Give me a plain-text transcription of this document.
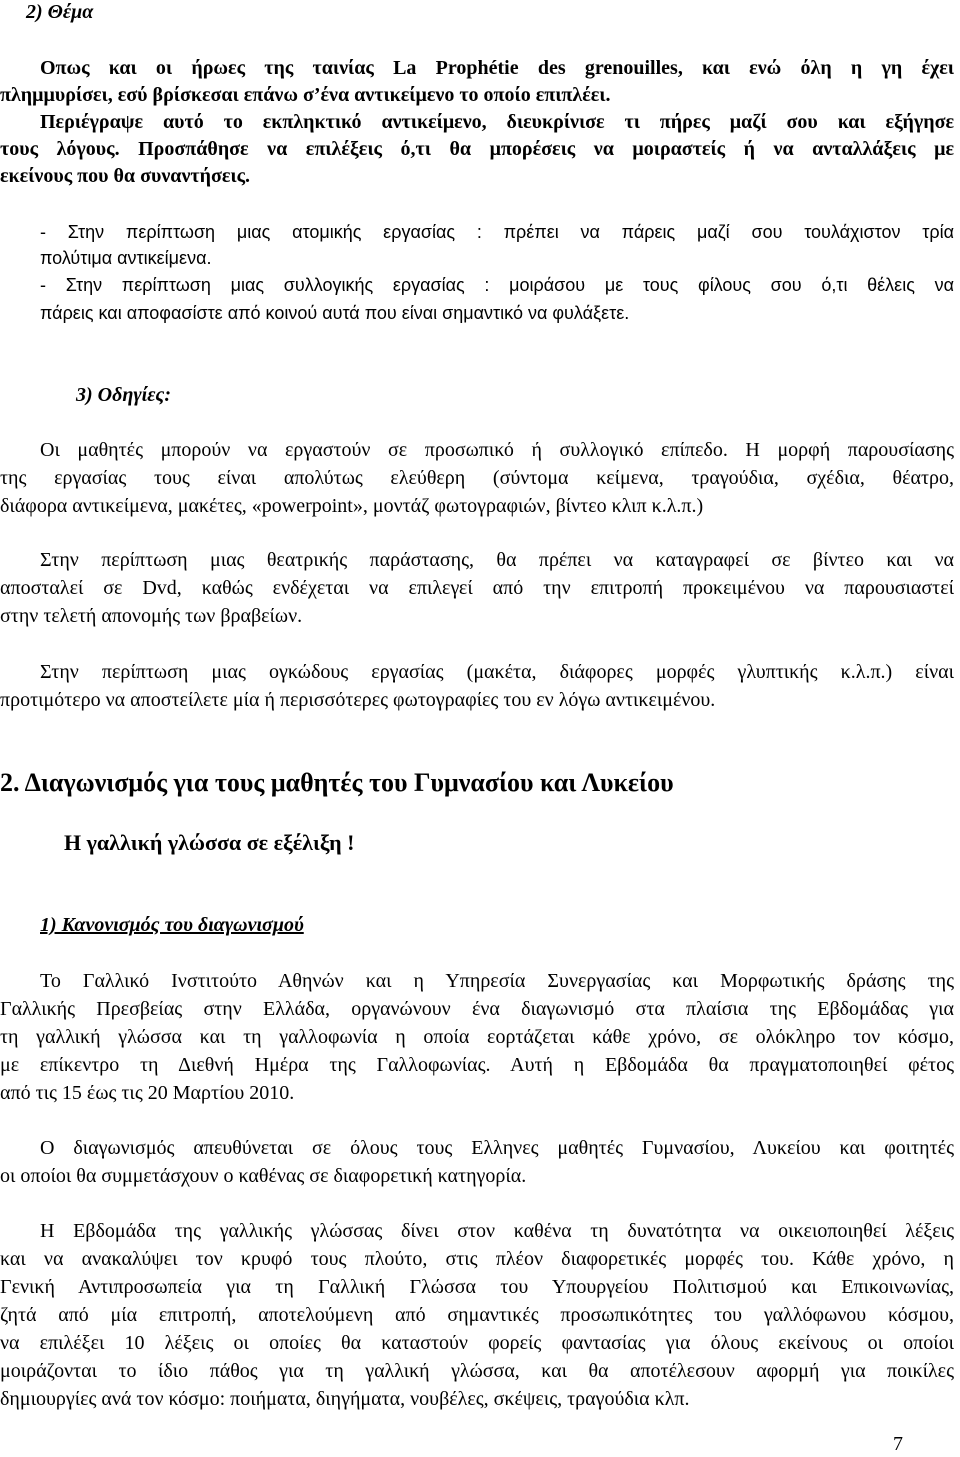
2) Θέμα
Οπως και οι ήρωες της ταινίας La Prophétie des grenouilles, και ενώ όλη η γη έχει
πλημμυρίσει, εσύ βρίσκεσαι επάνω σ’ένα αντικείμενο το οποίο επιπλέει.
Περιέγραψε αυτό το εκπληκτικό αντικείμενο, διευκρίνισε τι πήρες μαζί σου και εξήγησε
τους λόγους. Προσπάθησε να επιλέξεις ό,τι θα μπορέσεις να μοιραστείς ή να ανταλλάξεις με
εκείνους που θα συναντήσεις.
- Στην περίπτωση μιας ατομικής εργασίας : πρέπει να πάρεις μαζί σου τουλάχιστον τρία
πολύτιμα αντικείμενα.
- Στην περίπτωση μιας συλλογικής εργασίας : μοιράσου με τους φίλους σου ό,τι θέλεις να
πάρεις και αποφασίστε από κοινού αυτά που είναι σημαντικό να φυλάξετε.
3) Οδηγίες:
Οι μαθητές μπορούν να εργαστούν σε προσωπικό ή συλλογικό επίπεδο. Η μορφή παρουσίασης
της εργασίας τους είναι απολύτως ελεύθερη (σύντομα κείμενα, τραγούδια, σχέδια, θέατρο,
διάφορα αντικείμενα, μακέτες, «powerpoint», μοντάζ φωτογραφιών, βίντεο κλιπ κ.λ.π.)
Στην περίπτωση μιας θεατρικής παράστασης, θα πρέπει να καταγραφεί σε βίντεο και να
αποσταλεί σε Dvd, καθώς ενδέχεται να επιλεγεί από την επιτροπή προκειμένου να παρουσιαστεί
στην τελετή απονομής των βραβείων.
Στην περίπτωση μιας ογκώδους εργασίας (μακέτα, διάφορες μορφές γλυπτικής κ.λ.π.) είναι
προτιμότερο να αποστείλετε μία ή περισσότερες φωτογραφίες του εν λόγω αντικειμένου.
2. Διαγωνισμός για τους μαθητές του Γυμνασίου και Λυκείου
Η γαλλική γλώσσα σε εξέλιξη !
1) Κανονισμός του διαγωνισμού
Το Γαλλικό Ινστιτούτο Αθηνών και η Υπηρεσία Συνεργασίας και Μορφωτικής δράσης της
Γαλλικής Πρεσβείας στην Ελλάδα, οργανώνουν ένα διαγωνισμό στα πλαίσια της Εβδομάδας για
τη γαλλική γλώσσα και τη γαλλοφωνία η οποία εορτάζεται κάθε χρόνο, σε ολόκληρο τον κόσμο,
με επίκεντρο τη Διεθνή Ημέρα της Γαλλοφωνίας. Αυτή η Εβδομάδα θα πραγματοποιηθεί φέτος
από τις 15 έως τις 20 Μαρτίου 2010.
Ο διαγωνισμός απευθύνεται σε όλους τους Ελληνες μαθητές Γυμνασίου, Λυκείου και φοιτητές
οι οποίοι θα συμμετάσχουν ο καθένας σε διαφορετική κατηγορία.
Η Εβδομάδα της γαλλικής γλώσσας δίνει στον καθένα τη δυνατότητα να οικειοποιηθεί λέξεις
και να ανακαλύψει τον κρυφό τους πλούτο, στις πλέον διαφορετικές μορφές του. Κάθε χρόνο, η
Γενική Αντιπροσωπεία για τη Γαλλική Γλώσσα του Υπουργείου Πολιτισμού και Επικοινωνίας,
ζητά από μία επιτροπή, αποτελούμενη από σημαντικές προσωπικότητες του γαλλόφωνου κόσμου,
να επιλέξει 10 λέξεις οι οποίες θα καταστούν φορείς φαντασίας για όλους εκείνους οι οποίοι
μοιράζονται το ίδιο πάθος για τη γαλλική γλώσσα, και θα αποτέλεσουν αφορμή για ποικίλες
δημιουργίες ανά τον κόσμο: ποιήματα, διηγήματα, νουβέλες, σκέψεις, τραγούδια κλπ.
7
